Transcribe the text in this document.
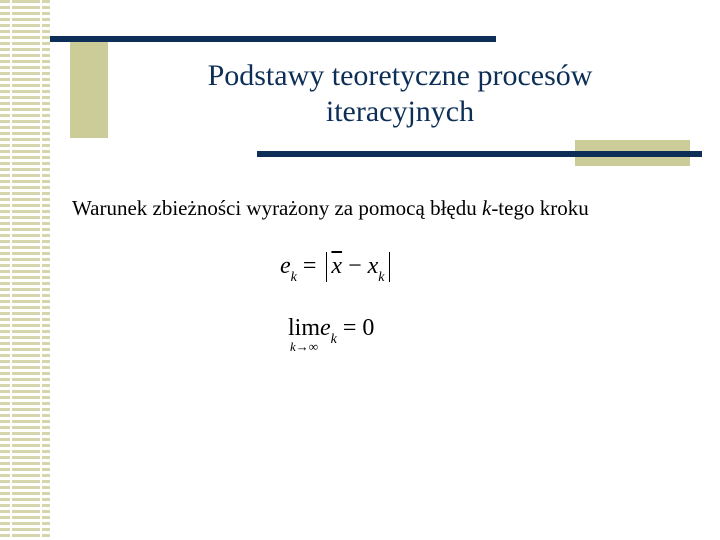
Podstawy teoretyczne procesów
iteracyjnych
Warunek zbieżności wyrażony za pomocą błędu k-tego kroku
$e_k = \overline{x} - x_k$
lim
k→∞
$e_k = 0$
